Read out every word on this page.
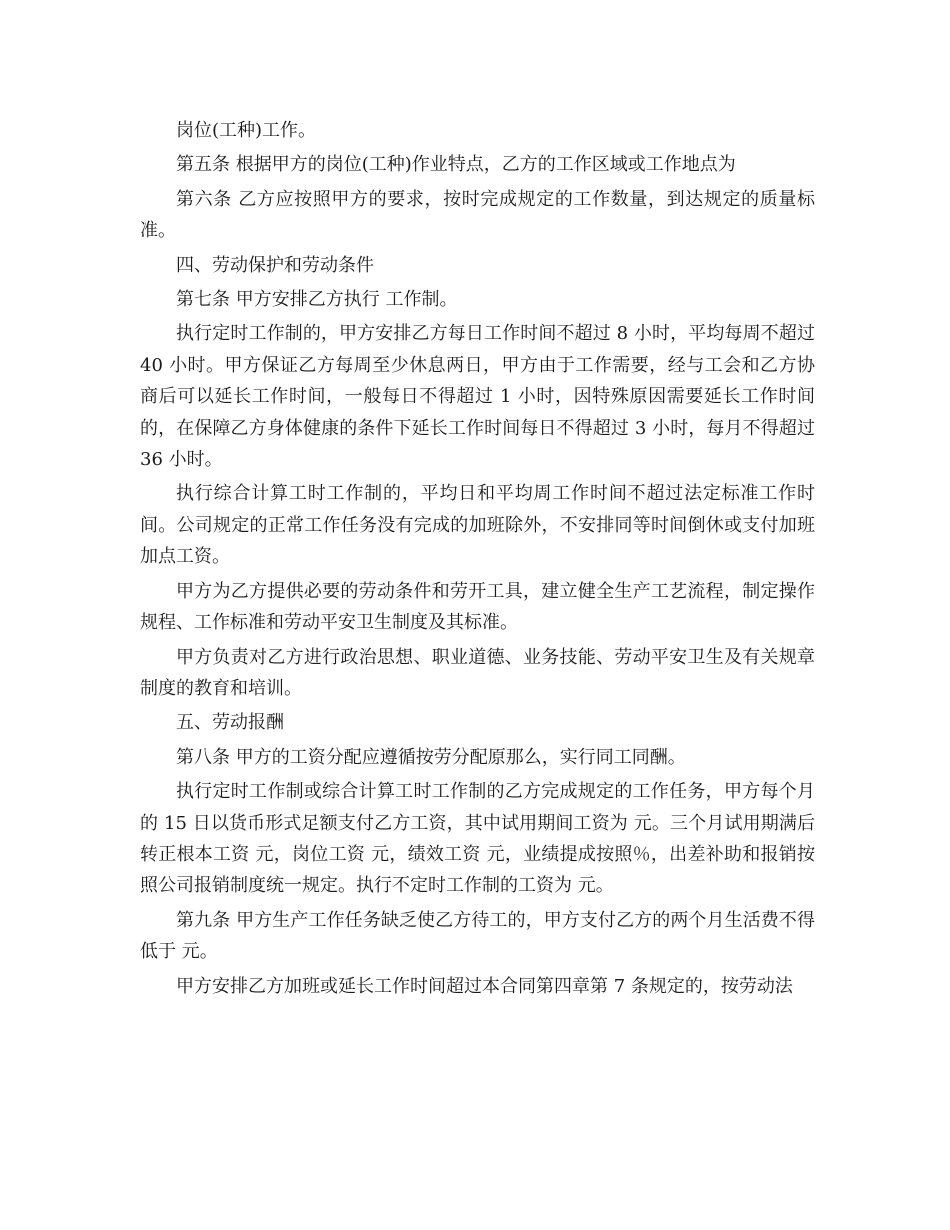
岗位(工种)工作。

第五条 根据甲方的岗位(工种)作业特点，乙方的工作区域或工作地点为

第六条 乙方应按照甲方的要求，按时完成规定的工作数量，到达规定的质量标准。

四、劳动保护和劳动条件

第七条 甲方安排乙方执行 工作制。

执行定时工作制的，甲方安排乙方每日工作时间不超过 8 小时，平均每周不超过 40 小时。甲方保证乙方每周至少休息两日，甲方由于工作需要，经与工会和乙方协商后可以延长工作时间，一般每日不得超过 1 小时，因特殊原因需要延长工作时间的，在保障乙方身体健康的条件下延长工作时间每日不得超过 3 小时，每月不得超过 36 小时。

执行综合计算工时工作制的，平均日和平均周工作时间不超过法定标准工作时间。公司规定的正常工作任务没有完成的加班除外，不安排同等时间倒休或支付加班加点工资。

甲方为乙方提供必要的劳动条件和劳开工具，建立健全生产工艺流程，制定操作规程、工作标准和劳动平安卫生制度及其标准。

甲方负责对乙方进行政治思想、职业道德、业务技能、劳动平安卫生及有关规章制度的教育和培训。

五、劳动报酬

第八条 甲方的工资分配应遵循按劳分配原那么，实行同工同酬。

执行定时工作制或综合计算工时工作制的乙方完成规定的工作任务，甲方每个月的 15 日以货币形式足额支付乙方工资，其中试用期间工资为 元。三个月试用期满后转正根本工资 元，岗位工资 元，绩效工资 元，业绩提成按照％，出差补助和报销按照公司报销制度统一规定。执行不定时工作制的工资为 元。

第九条 甲方生产工作任务缺乏使乙方待工的，甲方支付乙方的两个月生活费不得低于 元。

甲方安排乙方加班或延长工作时间超过本合同第四章第 7 条规定的，按劳动法
